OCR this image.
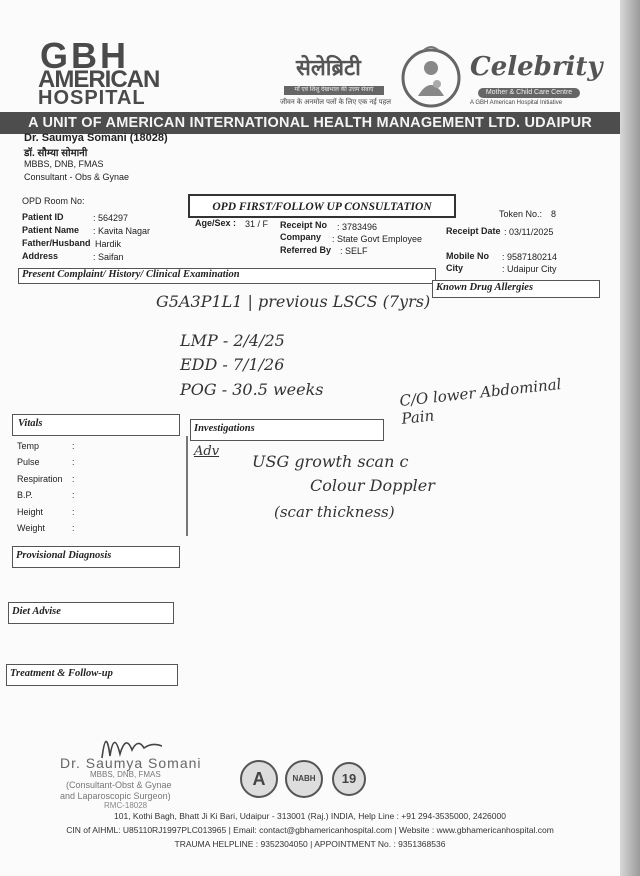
GBH
AMERICAN
HOSPITAL
सेलेब्रिटी
माँ एवं शिशु देखभाल की उत्तम सेवाएं
जीवन के अनमोल पलों के लिए एक नई पहल
Celebrity
Mother & Child Care Centre
A GBH American Hospital Initiative
A UNIT OF AMERICAN INTERNATIONAL HEALTH MANAGEMENT LTD. UDAIPUR
Dr. Saumya Somani (18028)
डॉ. सौम्या सोमानी
MBBS, DNB, FMAS
Consultant - Obs & Gynae
OPD Room No:	OPD FIRST/FOLLOW UP CONSULTATION
Token No.: 8
Patient ID	: 564297
Patient Name : Kavita Nagar
Father/Husband Hardik
Address	: Saifan
Age/Sex : 31 / F Receipt No : 3783496
Company : State Govt Employee
Referred By : SELF
Receipt Date : 03/11/2025
Mobile No : 9587180214
City	: Udaipur City
Present Complaint/ History/ Clinical Examination
Known Drug Allergies
Vitals	Investigations
Temp	:
Pulse	:
Respiration :
B.P.	:
Height	:
Weight	:
Provisional Diagnosis
Diet Advise
Treatment & Follow-up
G5A3P1L1 | previous LSCS (7yrs)
LMP - 2/4/25
EDD - 7/1/26
POG - 30.5 weeks	C/O lower Abdominal Pain
Adv
USG growth scan c
Colour Doppler
(scar thickness)
Dr. Saumya Somani
MBBS, DNB, FMAS
(Consultant-Obst & Gynae
and Laparoscopic Surgeon)
RMC-18028
A	NABH	19
101, Kothi Bagh, Bhatt Ji Ki Bari, Udaipur - 313001 (Raj.) INDIA, Help Line : +91 294-3535000, 2426000
CIN of AIHML: U85110RJ1997PLC013965 | Email: contact@gbhamericanhospital.com | Website : www.gbhamericanhospital.com
TRAUMA HELPLINE : 9352304050 | APPOINTMENT No. : 9351368536
